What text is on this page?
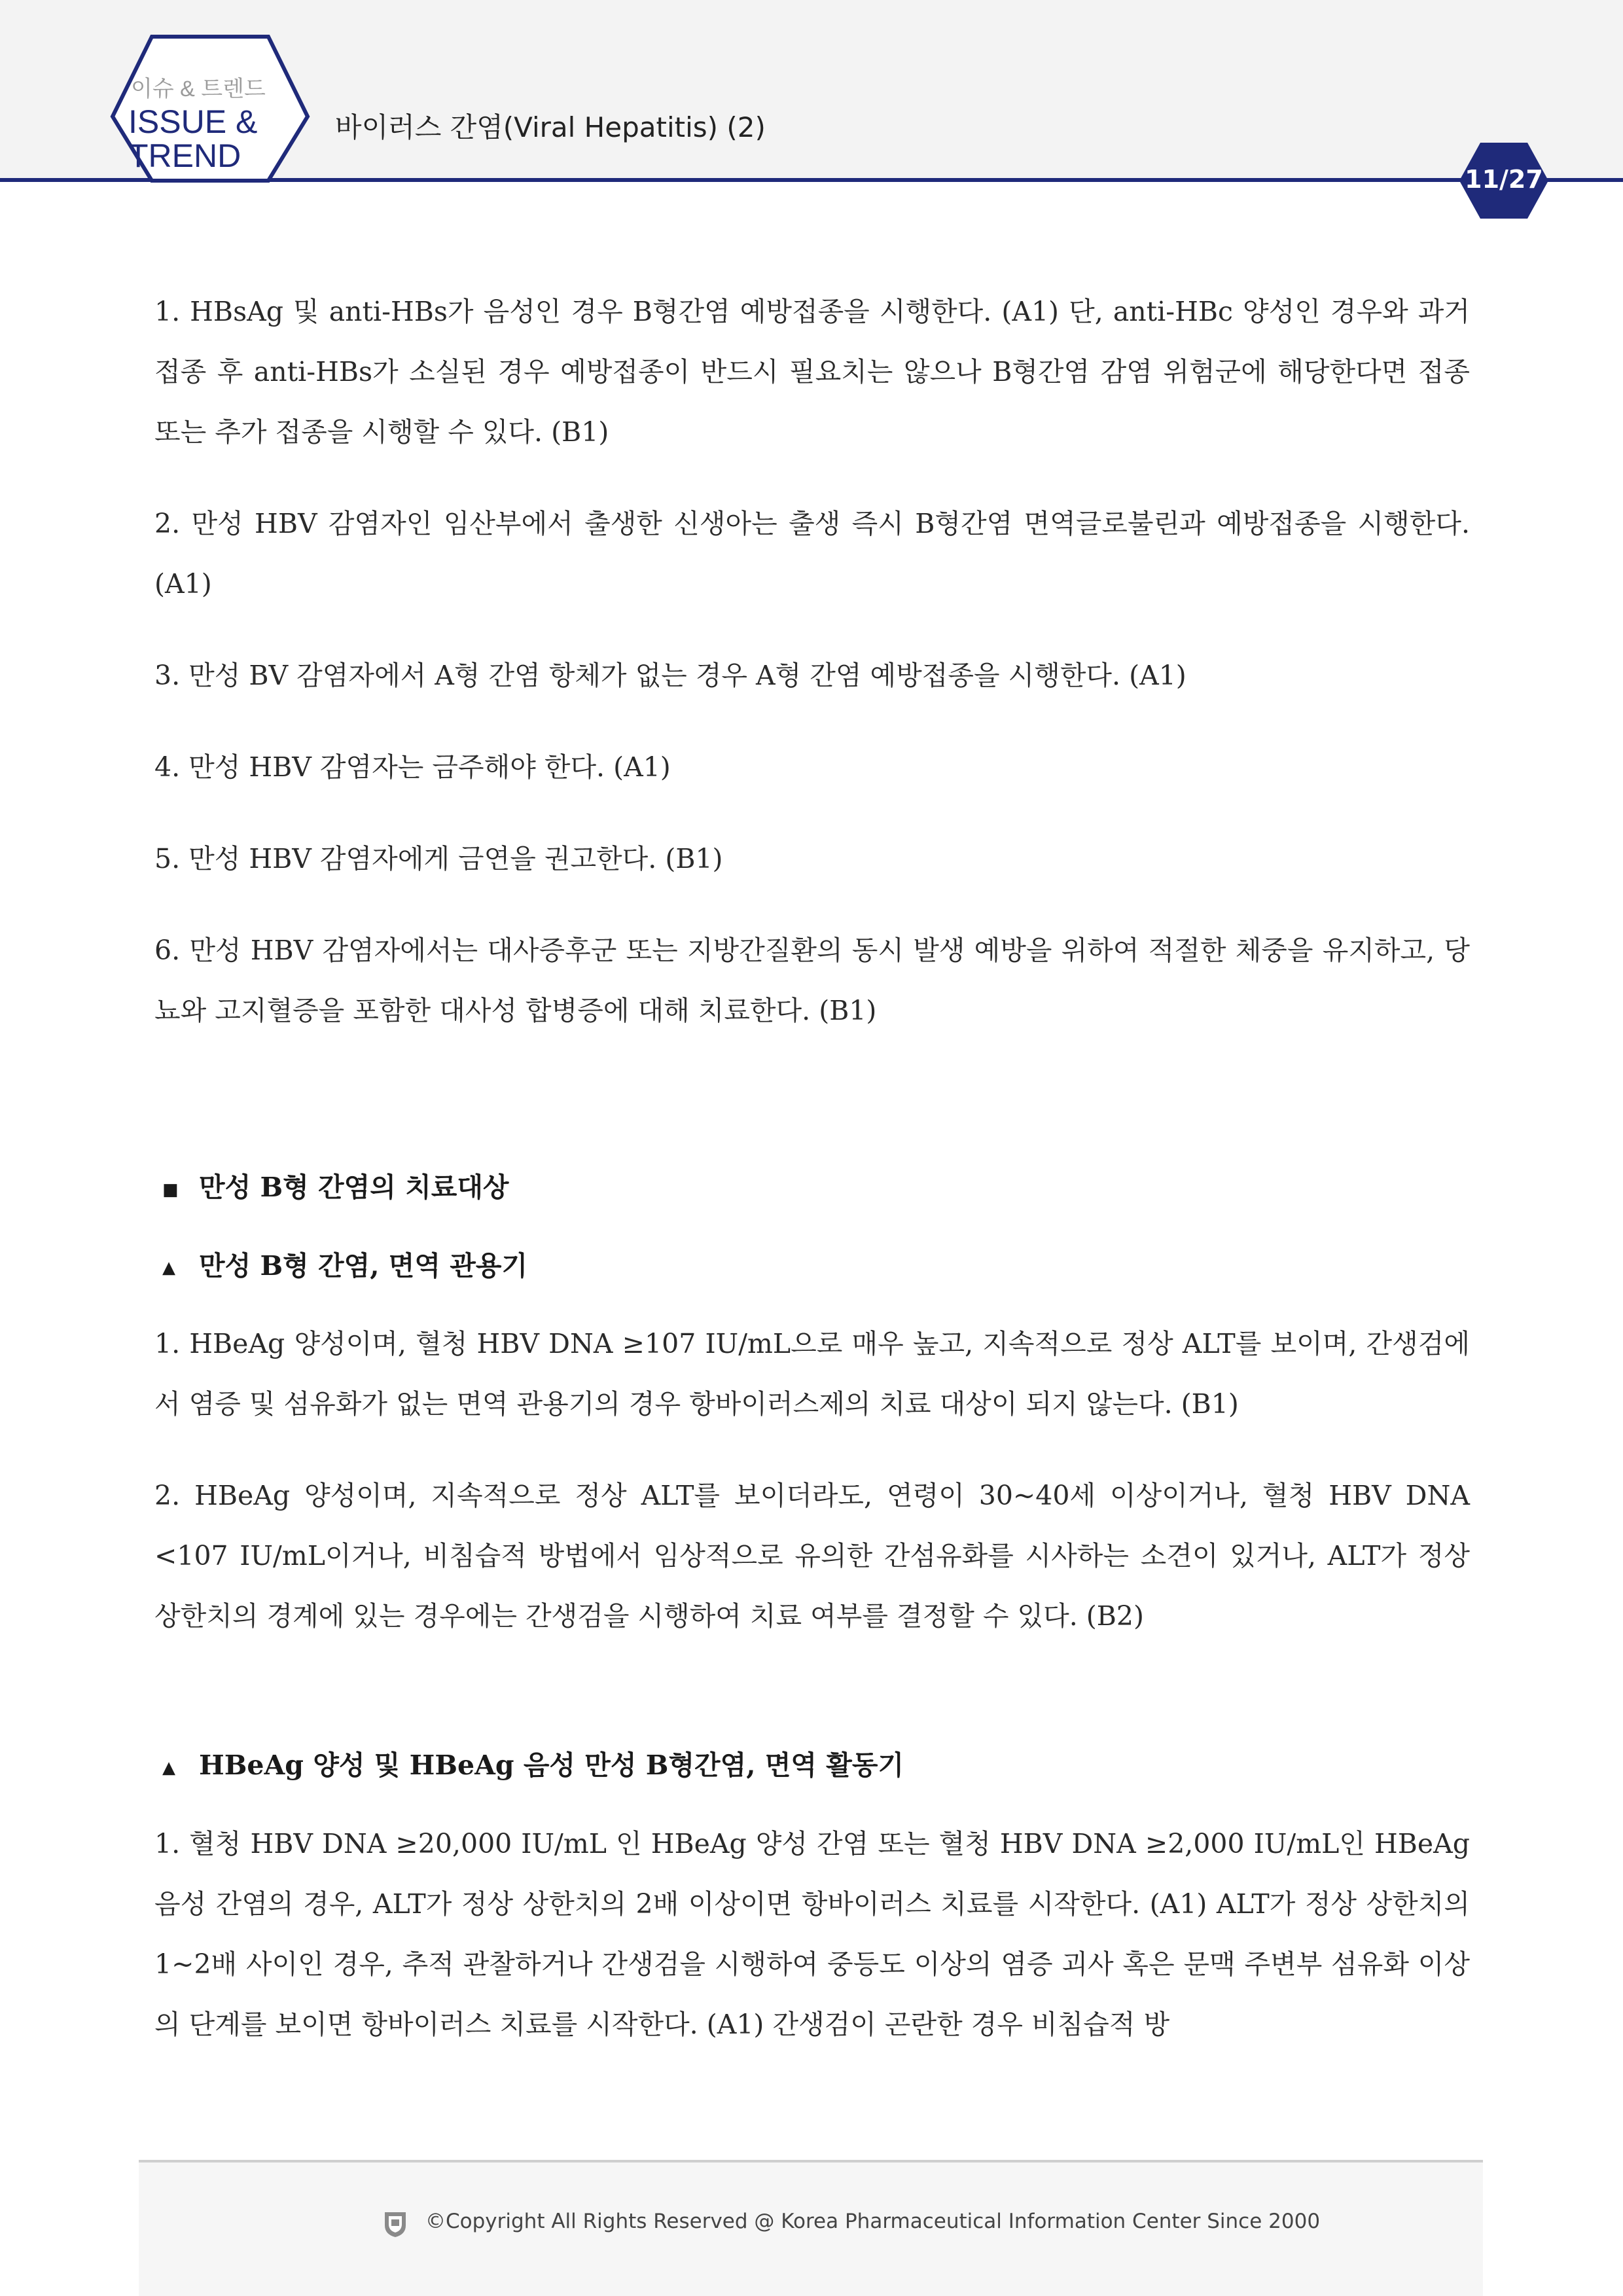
이슈 & 트렌드
ISSUE &
TREND
바이러스 간염(Viral Hepatitis) (2)
11/27

1. HBsAg 및 anti-HBs가 음성인 경우 B형간염 예방접종을 시행한다. (A1) 단, anti-HBc 양성인 경우와 과거 접종 후 anti-HBs가 소실된 경우 예방접종이 반드시 필요치는 않으나 B형간염 감염 위험군에 해당한다면 접종 또는 추가 접종을 시행할 수 있다. (B1)

2. 만성 HBV 감염자인 임산부에서 출생한 신생아는 출생 즉시 B형간염 면역글로불린과 예방접종을 시행한다. (A1)

3. 만성 BV 감염자에서 A형 간염 항체가 없는 경우 A형 간염 예방접종을 시행한다. (A1)

4. 만성 HBV 감염자는 금주해야 한다. (A1)

5. 만성 HBV 감염자에게 금연을 권고한다. (B1)

6. 만성 HBV 감염자에서는 대사증후군 또는 지방간질환의 동시 발생 예방을 위하여 적절한 체중을 유지하고, 당뇨와 고지혈증을 포함한 대사성 합병증에 대해 치료한다. (B1)

■ 만성 B형 간염의 치료대상
▲ 만성 B형 간염, 면역 관용기

1. HBeAg 양성이며, 혈청 HBV DNA ≥107 IU/mL으로 매우 높고, 지속적으로 정상 ALT를 보이며, 간생검에서 염증 및 섬유화가 없는 면역 관용기의 경우 항바이러스제의 치료 대상이 되지 않는다. (B1)

2. HBeAg 양성이며, 지속적으로 정상 ALT를 보이더라도, 연령이 30~40세 이상이거나, 혈청 HBV DNA <107 IU/mL이거나, 비침습적 방법에서 임상적으로 유의한 간섬유화를 시사하는 소견이 있거나, ALT가 정상 상한치의 경계에 있는 경우에는 간생검을 시행하여 치료 여부를 결정할 수 있다. (B2)

▲ HBeAg 양성 및 HBeAg 음성 만성 B형간염, 면역 활동기

1. 혈청 HBV DNA ≥20,000 IU/mL 인 HBeAg 양성 간염 또는 혈청 HBV DNA ≥2,000 IU/mL인 HBeAg 음성 간염의 경우, ALT가 정상 상한치의 2배 이상이면 항바이러스 치료를 시작한다. (A1) ALT가 정상 상한치의 1~2배 사이인 경우, 추적 관찰하거나 간생검을 시행하여 중등도 이상의 염증 괴사 혹은 문맥 주변부 섬유화 이상의 단계를 보이면 항바이러스 치료를 시작한다. (A1) 간생검이 곤란한 경우 비침습적 방

©Copyright All Rights Reserved @ Korea Pharmaceutical Information Center Since 2000
